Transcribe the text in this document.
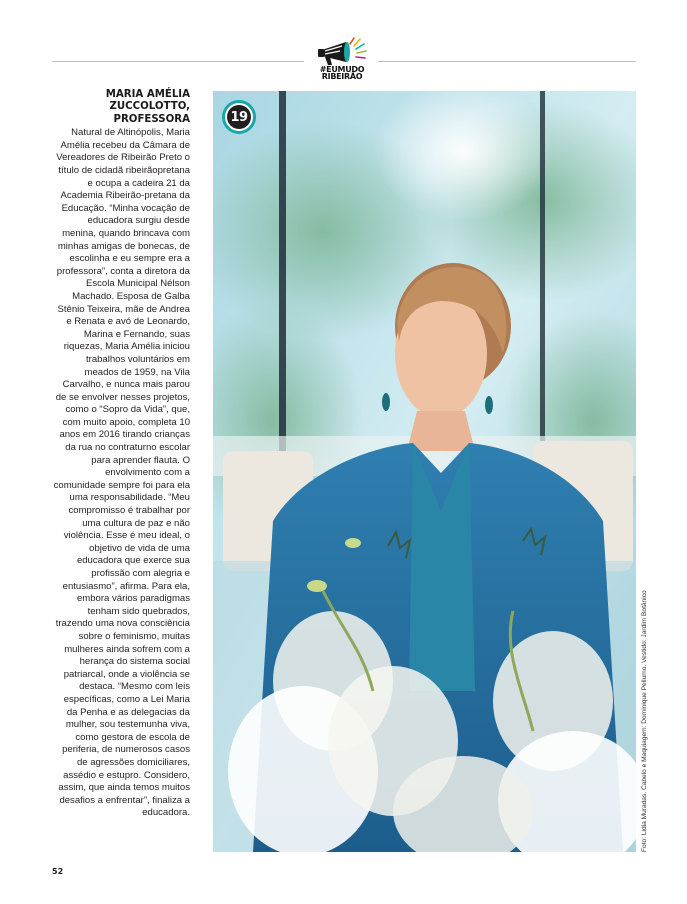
#EUMUDO RIBEIRÃO
MARIA AMÉLIA ZUCCOLOTTO, PROFESSORA

Natural de Altinópolis, Maria Amélia recebeu da Câmara de Vereadores de Ribeirão Preto o título de cidadã ribeirãopretana e ocupa a cadeira 21 da Academia Ribeirão-pretana da Educação. “Minha vocação de educadora surgiu desde menina, quando brincava com minhas amigas de bonecas, de escolinha e eu sempre era a professora”, conta a diretora da Escola Municipal Nélson Machado. Esposa de Galba Stênio Teixeira, mãe de Andrea e Renata e avó de Leonardo, Marina e Fernando, suas riquezas, Maria Amélia iniciou trabalhos voluntários em meados de 1959, na Vila Carvalho, e nunca mais parou de se envolver nesses projetos, como o “Sopro da Vida”, que, com muito apoio, completa 10 anos em 2016 tirando crianças da rua no contraturno escolar para aprender flauta. O envolvimento com a comunidade sempre foi para ela uma responsabilidade. “Meu compromisso é trabalhar por uma cultura de paz e não violência. Esse é meu ideal, o objetivo de vida de uma educadora que exerce sua profissão com alegria e entusiasmo”, afirma. Para ela, embora vários paradigmas tenham sido quebrados, trazendo uma nova consciência sobre o feminismo, muitas mulheres ainda sofrem com a herança do sistema social patriarcal, onde a violência se destaca. “Mesmo com leis específicas, como a Lei Maria da Penha e as delegacias da mulher, sou testemunha viva, como gestora de escola de periferia, de numerosos casos de agressões domiciliares, assédio e estupro. Considero, assim, que ainda temos muitos desafios a enfrentar”, finaliza a educadora.

19
Foto: Lidia Muradas. Cabelo e Maquiagem: Dominique Pellumo. Vestido: Jardim Botânico
52
